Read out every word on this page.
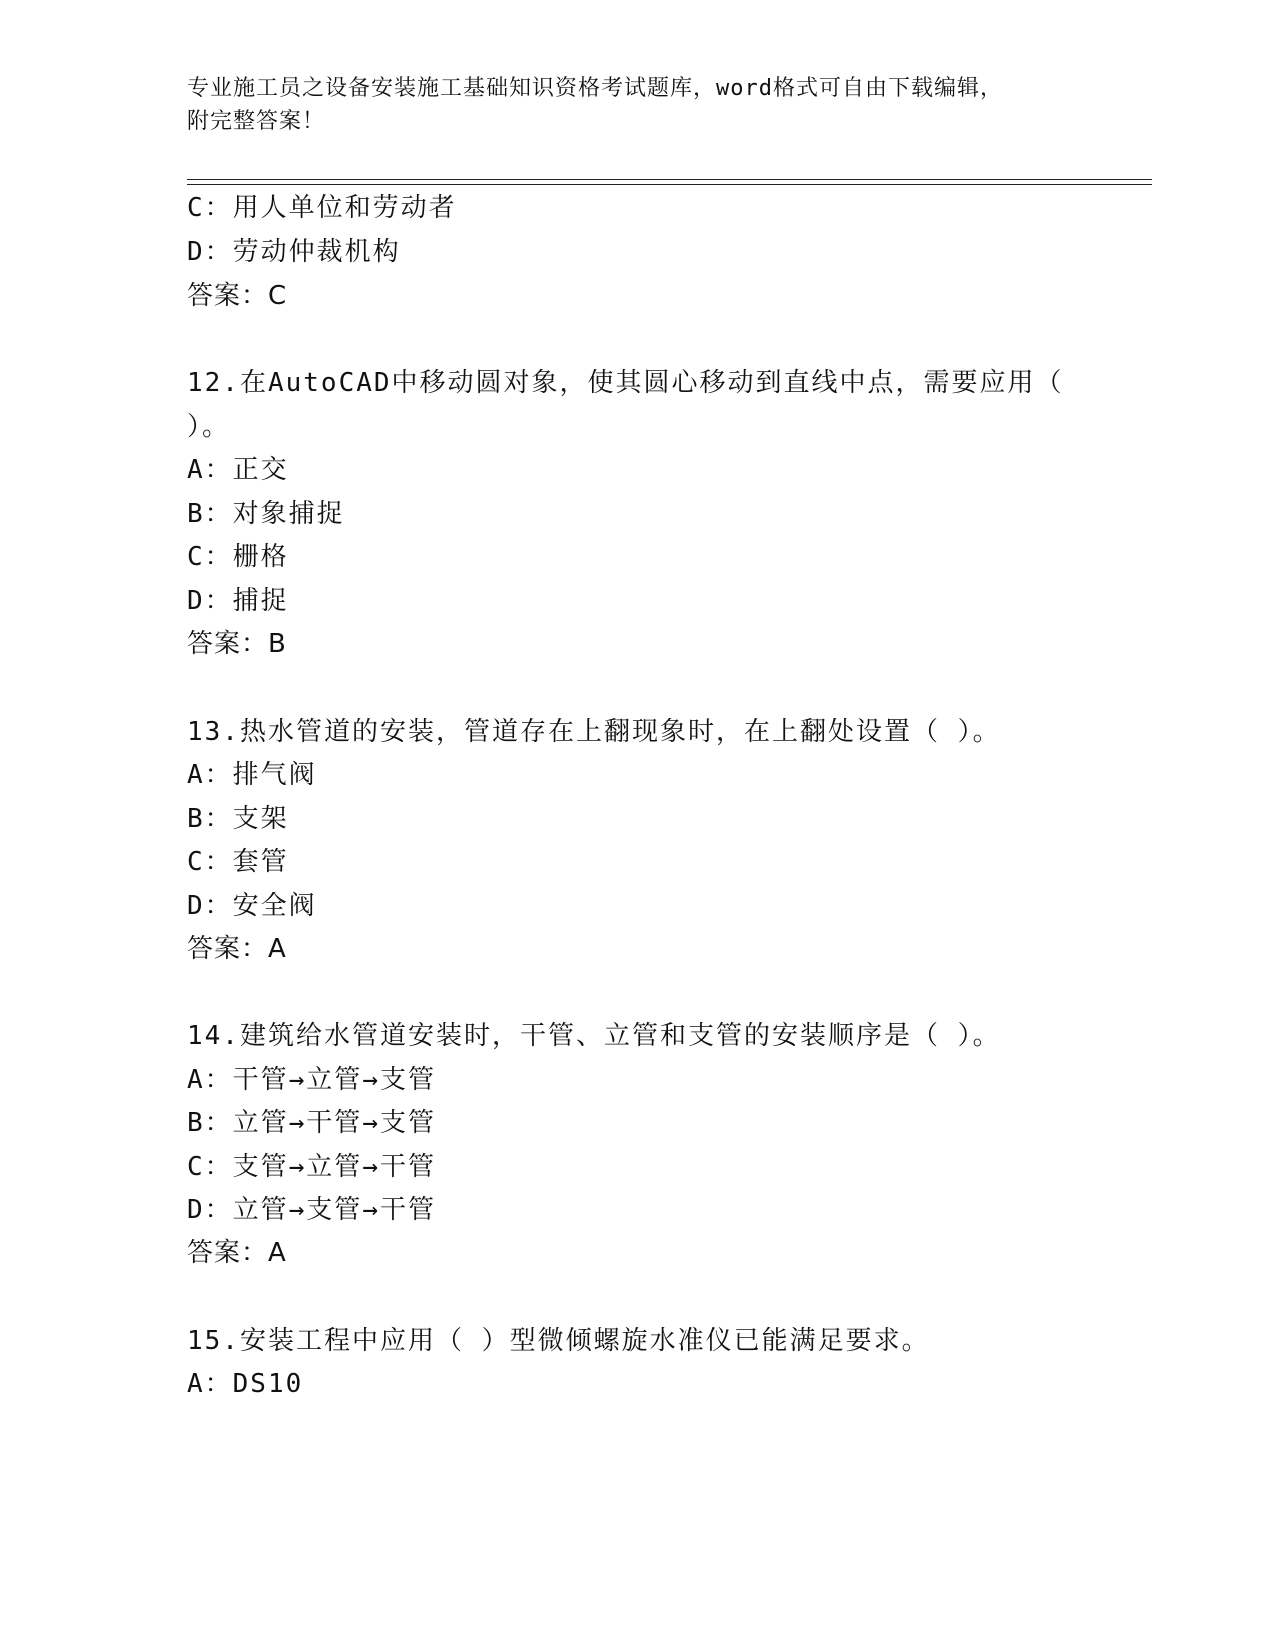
专业施工员之设备安装施工基础知识资格考试题库，word格式可自由下载编辑，
附完整答案！
C：用人单位和劳动者
D：劳动仲裁机构
答案：C
12.在AutoCAD中移动圆对象，使其圆心移动到直线中点，需要应用（
）。
A：正交
B：对象捕捉
C：栅格
D：捕捉
答案：B
13.热水管道的安装，管道存在上翻现象时，在上翻处设置（ ）。
A：排气阀
B：支架
C：套管
D：安全阀
答案：A
14.建筑给水管道安装时，干管、立管和支管的安装顺序是（ ）。
A：干管→立管→支管
B：立管→干管→支管
C：支管→立管→干管
D：立管→支管→干管
答案：A
15.安装工程中应用（ ）型微倾螺旋水准仪已能满足要求。
A：DS10
